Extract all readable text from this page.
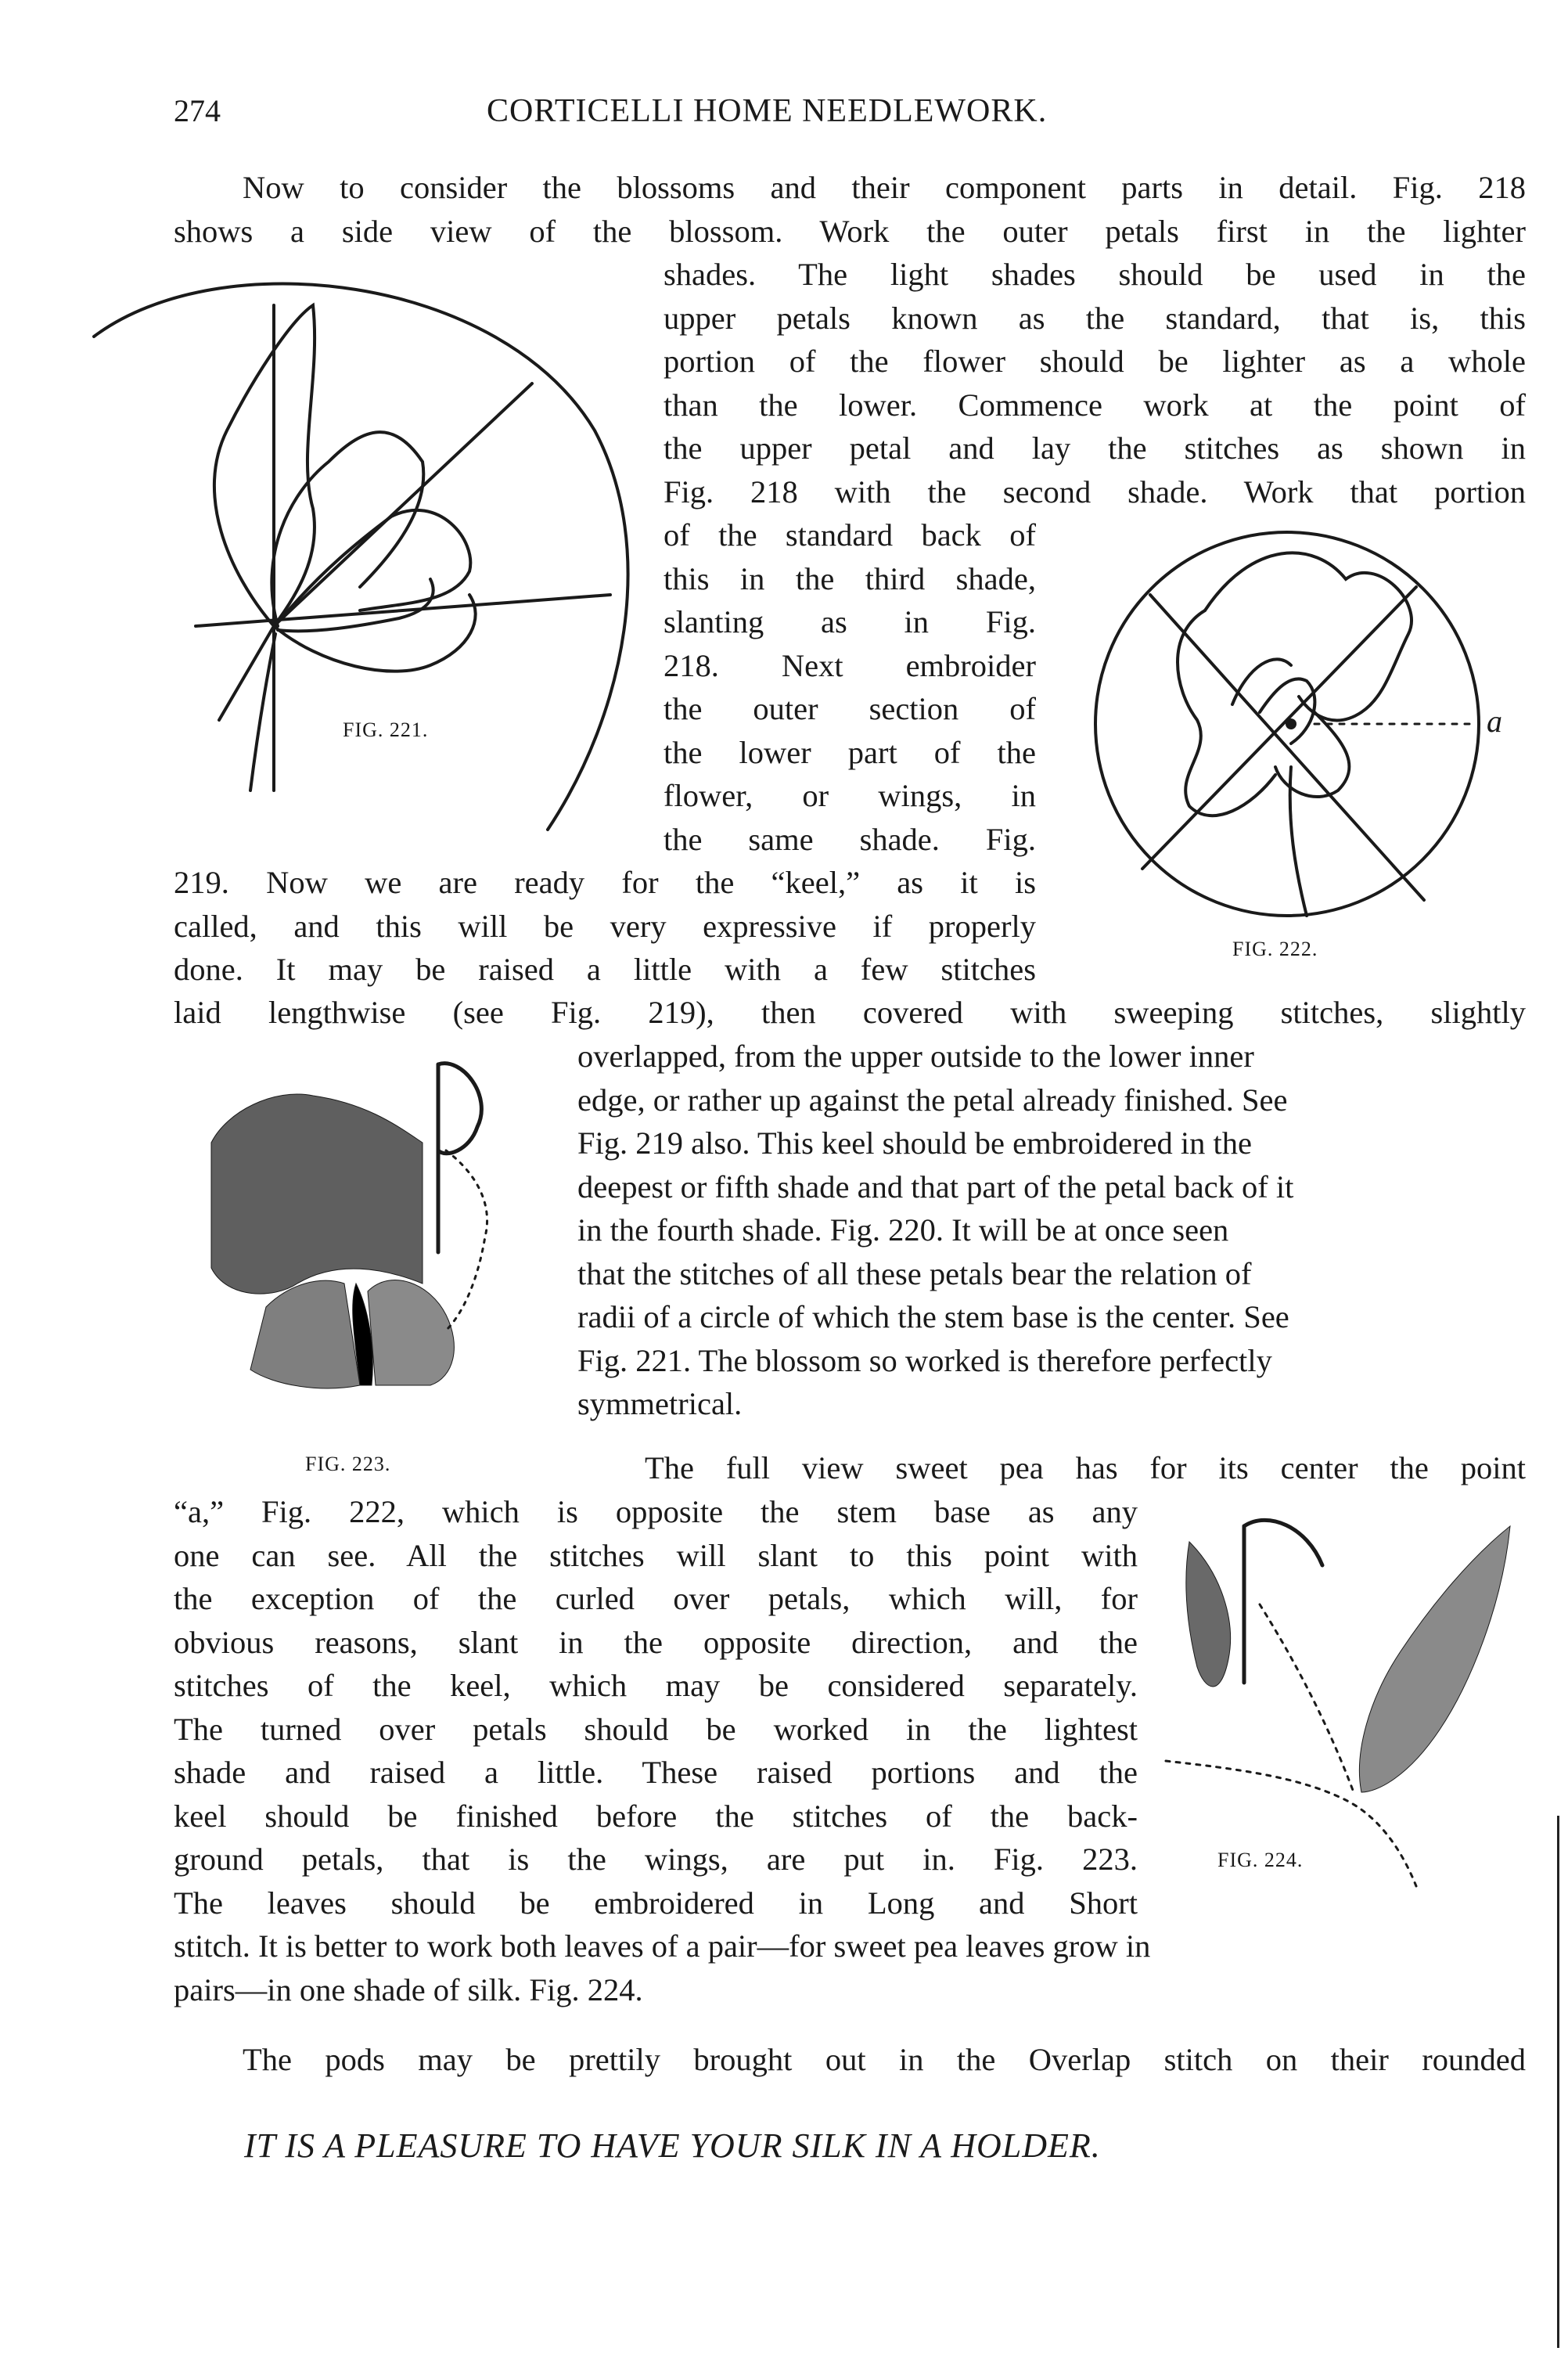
274	CORTICELLI HOME NEEDLEWORK.
Now to consider the blossoms and their component parts in detail. Fig. 218
shows a side view of the blossom. Work the outer petals first in the lighter
shades. The light shades should be used in the
upper petals known as the standard, that is, this
portion of the flower should be lighter as a whole
than the lower. Commence work at the point of
the upper petal and lay the stitches as shown in
Fig. 218 with the second shade. Work that portion
of the standard back of
this in the third shade,
slanting as in Fig.
218. Next embroider
the outer section of
the lower part of the
flower, or wings, in
the same shade. Fig.
219. Now we are ready for the “keel,” as it is
called, and this will be very expressive if properly
done. It may be raised a little with a few stitches
laid lengthwise (see Fig. 219), then covered with sweeping stitches, slightly
overlapped, from the upper outside to the lower inner
edge, or rather up against the petal already finished. See
Fig. 219 also. This keel should be embroidered in the
deepest or fifth shade and that part of the petal back of it
in the fourth shade. Fig. 220. It will be at once seen
that the stitches of all these petals bear the relation of
radii of a circle of which the stem base is the center. See
Fig. 221. The blossom so worked is therefore perfectly
symmetrical.
The full view sweet pea has for its center the point
“a,” Fig. 222, which is opposite the stem base as any
one can see. All the stitches will slant to this point with
the exception of the curled over petals, which will, for
obvious reasons, slant in the opposite direction, and the
stitches of the keel, which may be considered separately.
The turned over petals should be worked in the lightest
shade and raised a little. These raised portions and the
keel should be finished before the stitches of the back-
ground petals, that is the wings, are put in. Fig. 223.
The leaves should be embroidered in Long and Short
stitch. It is better to work both leaves of a pair—for sweet pea leaves grow in
pairs—in one shade of silk. Fig. 224.
The pods may be prettily brought out in the Overlap stitch on their rounded
IT IS A PLEASURE TO HAVE YOUR SILK IN A HOLDER.
FIG. 221.	a
FIG. 222.
FIG. 223.
FIG. 224.
